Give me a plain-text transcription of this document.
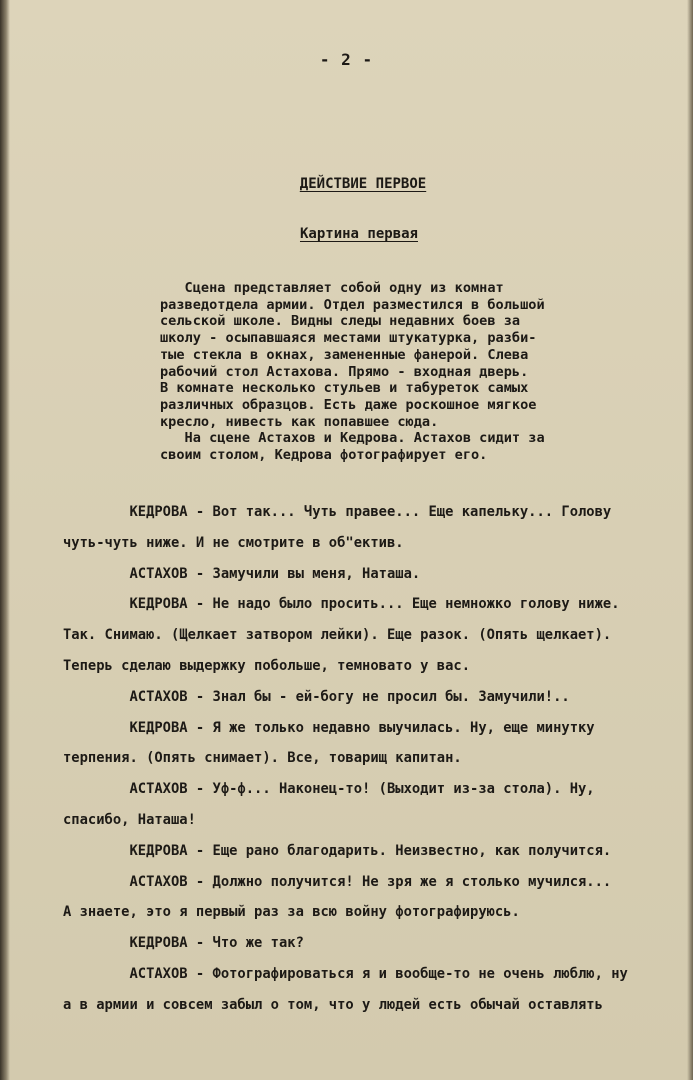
- 2 -
ДЕЙСТВИЕ ПЕРВОЕ
Картина первая
Сцена представляет собой одну из комнат
разведотдела армии. Отдел разместился в большой
сельской школе. Видны следы недавних боев за
школу - осыпавшаяся местами штукатурка, разби-
тые стекла в окнах, замененные фанерой. Слева
рабочий стол Астахова. Прямо - входная дверь.
В комнате несколько стульев и табуреток самых
различных образцов. Есть даже роскошное мягкое
кресло, нивесть как попавшее сюда.
На сцене Астахов и Кедрова. Астахов сидит за
своим столом, Кедрова фотографирует его.
КЕДРОВА - Вот так... Чуть правее... Еще капельку... Голову
чуть-чуть ниже. И не смотрите в об"ектив.
АСТАХОВ - Замучили вы меня, Наташа.
КЕДРОВА - Не надо было просить... Еще немножко голову ниже.
Так. Снимаю. (Щелкает затвором лейки). Еще разок. (Опять щелкает).
Теперь сделаю выдержку побольше, темновато у вас.
АСТАХОВ - Знал бы - ей-богу не просил бы. Замучили!..
КЕДРОВА - Я же только недавно выучилась. Ну, еще минутку
терпения. (Опять снимает). Все, товарищ капитан.
АСТАХОВ - Уф-ф... Наконец-то! (Выходит из-за стола). Ну,
спасибо, Наташа!
КЕДРОВА - Еще рано благодарить. Неизвестно, как получится.
АСТАХОВ - Должно получится! Не зря же я столько мучился...
А знаете, это я первый раз за всю войну фотографируюсь.
КЕДРОВА - Что же так?
АСТАХОВ - Фотографироваться я и вообще-то не очень люблю, ну
а в армии и совсем забыл о том, что у людей есть обычай оставлять
